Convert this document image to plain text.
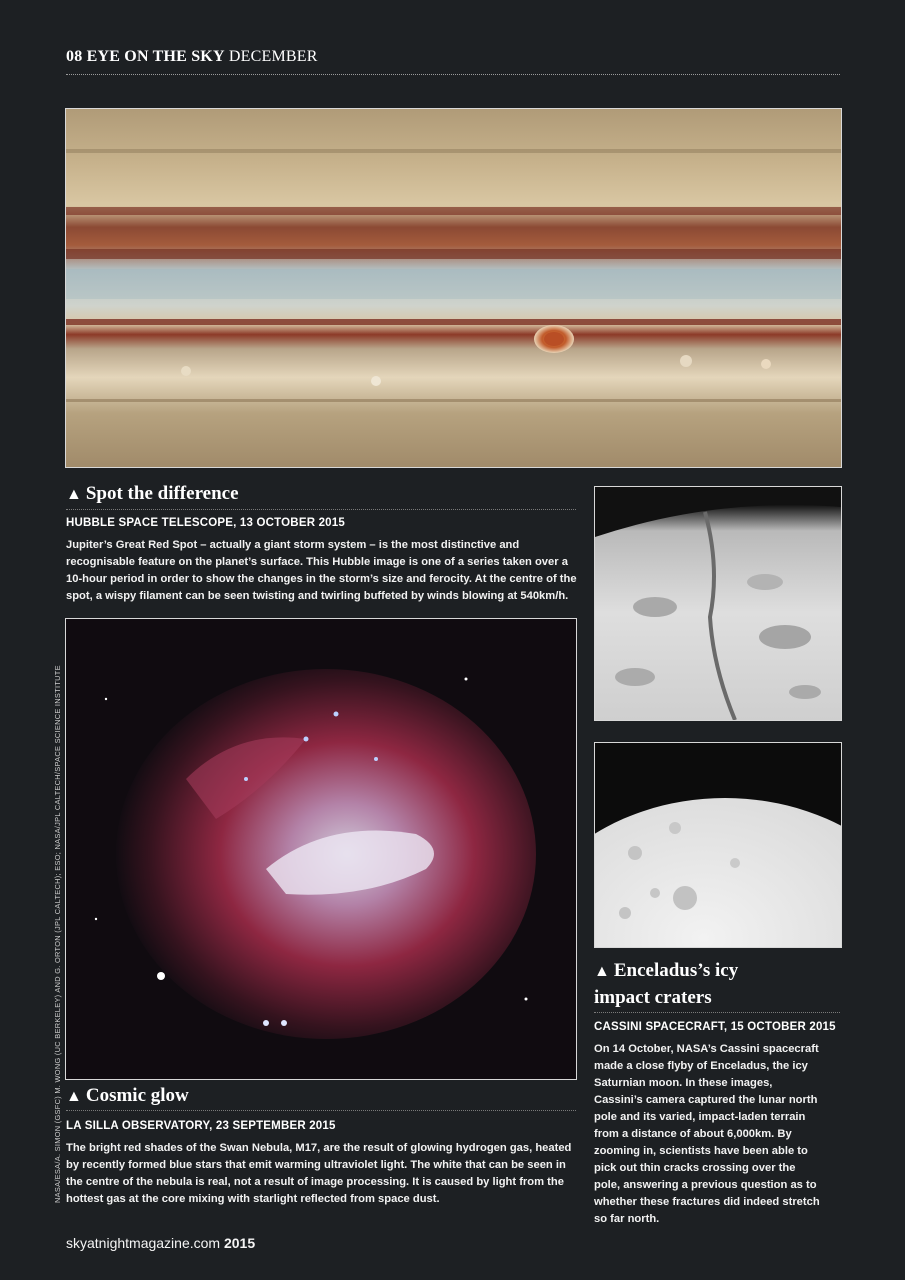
08 EYE ON THE SKY DECEMBER
▲ Spot the difference
HUBBLE SPACE TELESCOPE, 13 OCTOBER 2015
Jupiter’s Great Red Spot – actually a giant storm system – is the most distinctive and recognisable feature on the planet’s surface. This Hubble image is one of a series taken over a 10-hour period in order to show the changes in the storm’s size and ferocity. At the centre of the spot, a wispy filament can be seen twisting and twirling buffeted by winds blowing at 540km/h.
▲ Cosmic glow
LA SILLA OBSERVATORY, 23 SEPTEMBER 2015
The bright red shades of the Swan Nebula, M17, are the result of glowing hydrogen gas, heated by recently formed blue stars that emit warming ultraviolet light. The white that can be seen in the centre of the nebula is real, not a result of image processing. It is caused by light from the hottest gas at the core mixing with starlight reflected from space dust.
▲ Enceladus’s icy
impact craters
CASSINI SPACECRAFT, 15 OCTOBER 2015
On 14 October, NASA’s Cassini spacecraft made a close flyby of Enceladus, the icy Saturnian moon. In these images, Cassini’s camera captured the lunar north pole and its varied, impact-laden terrain from a distance of about 6,000km. By zooming in, scientists have been able to pick out thin cracks crossing over the pole, answering a previous question as to whether these fractures did indeed stretch so far north.
NASA/ESA/A. SIMON (GSFC) M. WONG (UC BERKELEY) AND G. ORTON (JPL CALTECH); ESO; NASA/JPL CALTECH/SPACE SCIENCE INSTITUTE
skyatnightmagazine.com 2015
